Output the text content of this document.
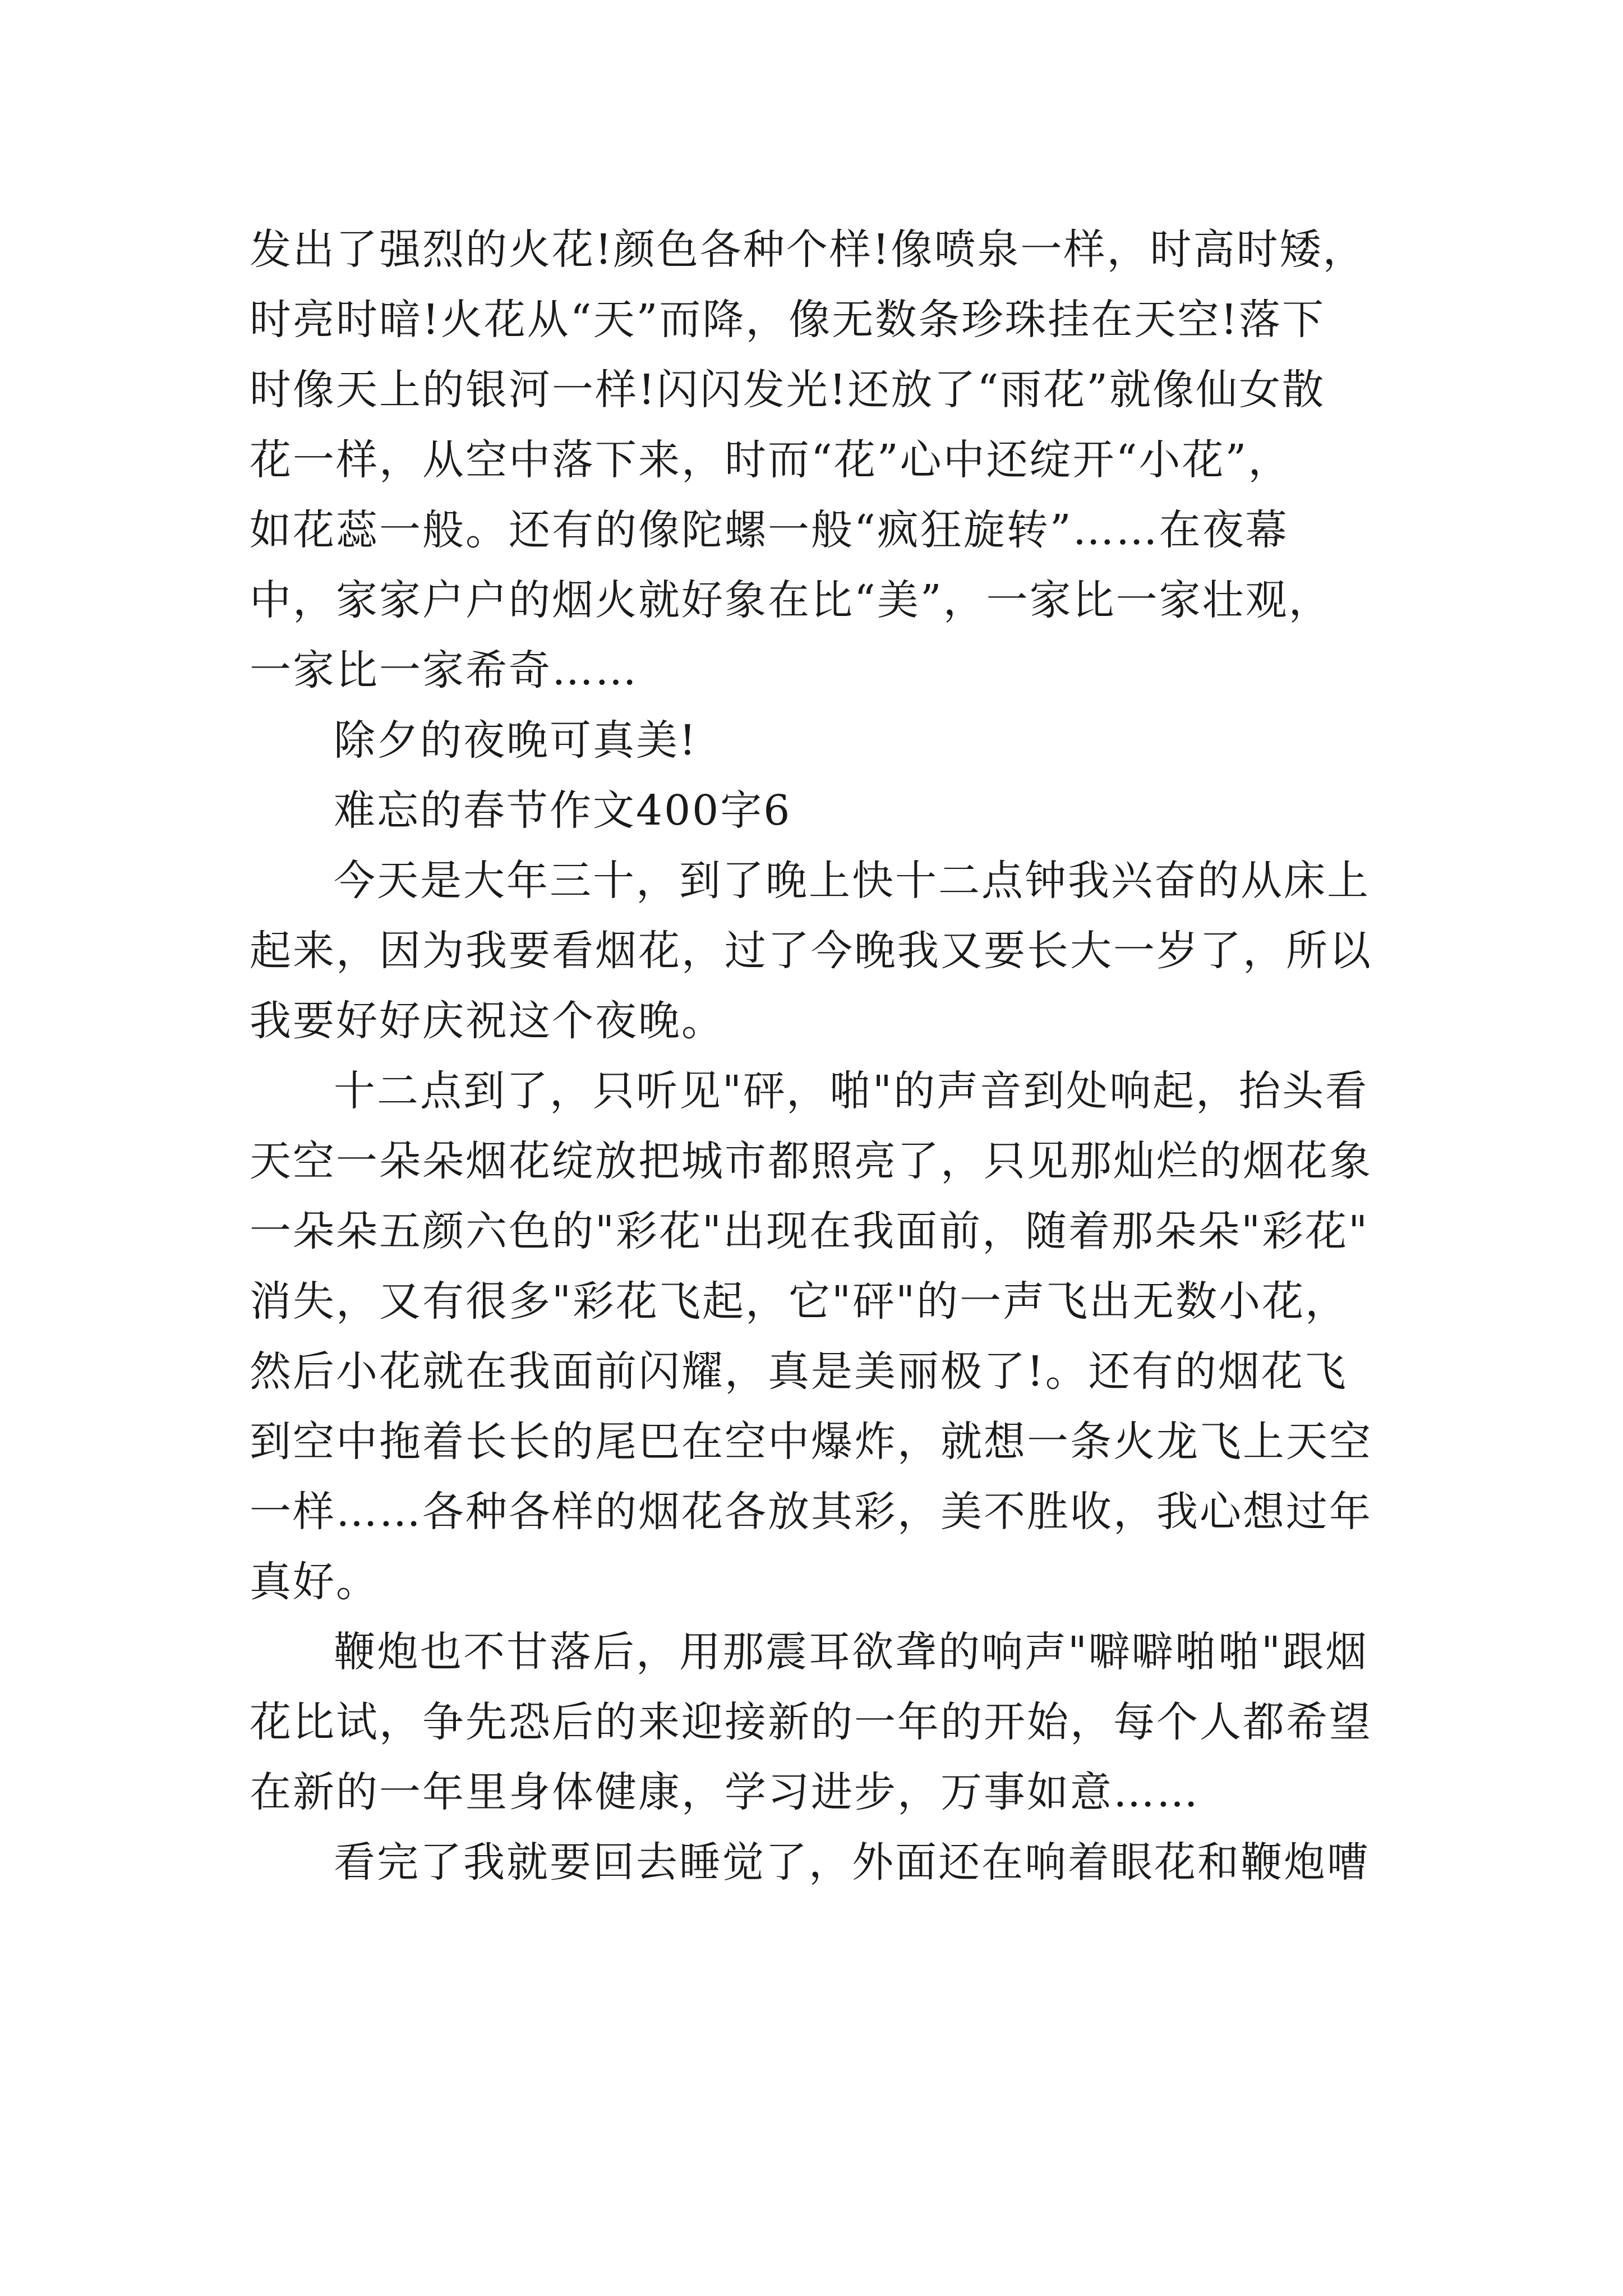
发出了强烈的火花!颜色各种个样!像喷泉一样，时高时矮，
时亮时暗!火花从“天”而降，像无数条珍珠挂在天空!落下
时像天上的银河一样!闪闪发光!还放了“雨花”就像仙女散
花一样，从空中落下来，时而“花”心中还绽开“小花”，
如花蕊一般。还有的像陀螺一般“疯狂旋转”……在夜幕
中，家家户户的烟火就好象在比“美”，一家比一家壮观，
一家比一家希奇……
除夕的夜晚可真美!
难忘的春节作文400字6
今天是大年三十，到了晚上快十二点钟我兴奋的从床上
起来，因为我要看烟花，过了今晚我又要长大一岁了，所以
我要好好庆祝这个夜晚。
十二点到了，只听见"砰，啪"的声音到处响起，抬头看
天空一朵朵烟花绽放把城市都照亮了，只见那灿烂的烟花象
一朵朵五颜六色的"彩花"出现在我面前，随着那朵朵"彩花"
消失，又有很多"彩花飞起，它"砰"的一声飞出无数小花，
然后小花就在我面前闪耀，真是美丽极了!。还有的烟花飞
到空中拖着长长的尾巴在空中爆炸，就想一条火龙飞上天空
一样……各种各样的烟花各放其彩，美不胜收，我心想过年
真好。
鞭炮也不甘落后，用那震耳欲聋的响声"噼噼啪啪"跟烟
花比试，争先恐后的来迎接新的一年的开始，每个人都希望
在新的一年里身体健康，学习进步，万事如意……
看完了我就要回去睡觉了，外面还在响着眼花和鞭炮嘈
